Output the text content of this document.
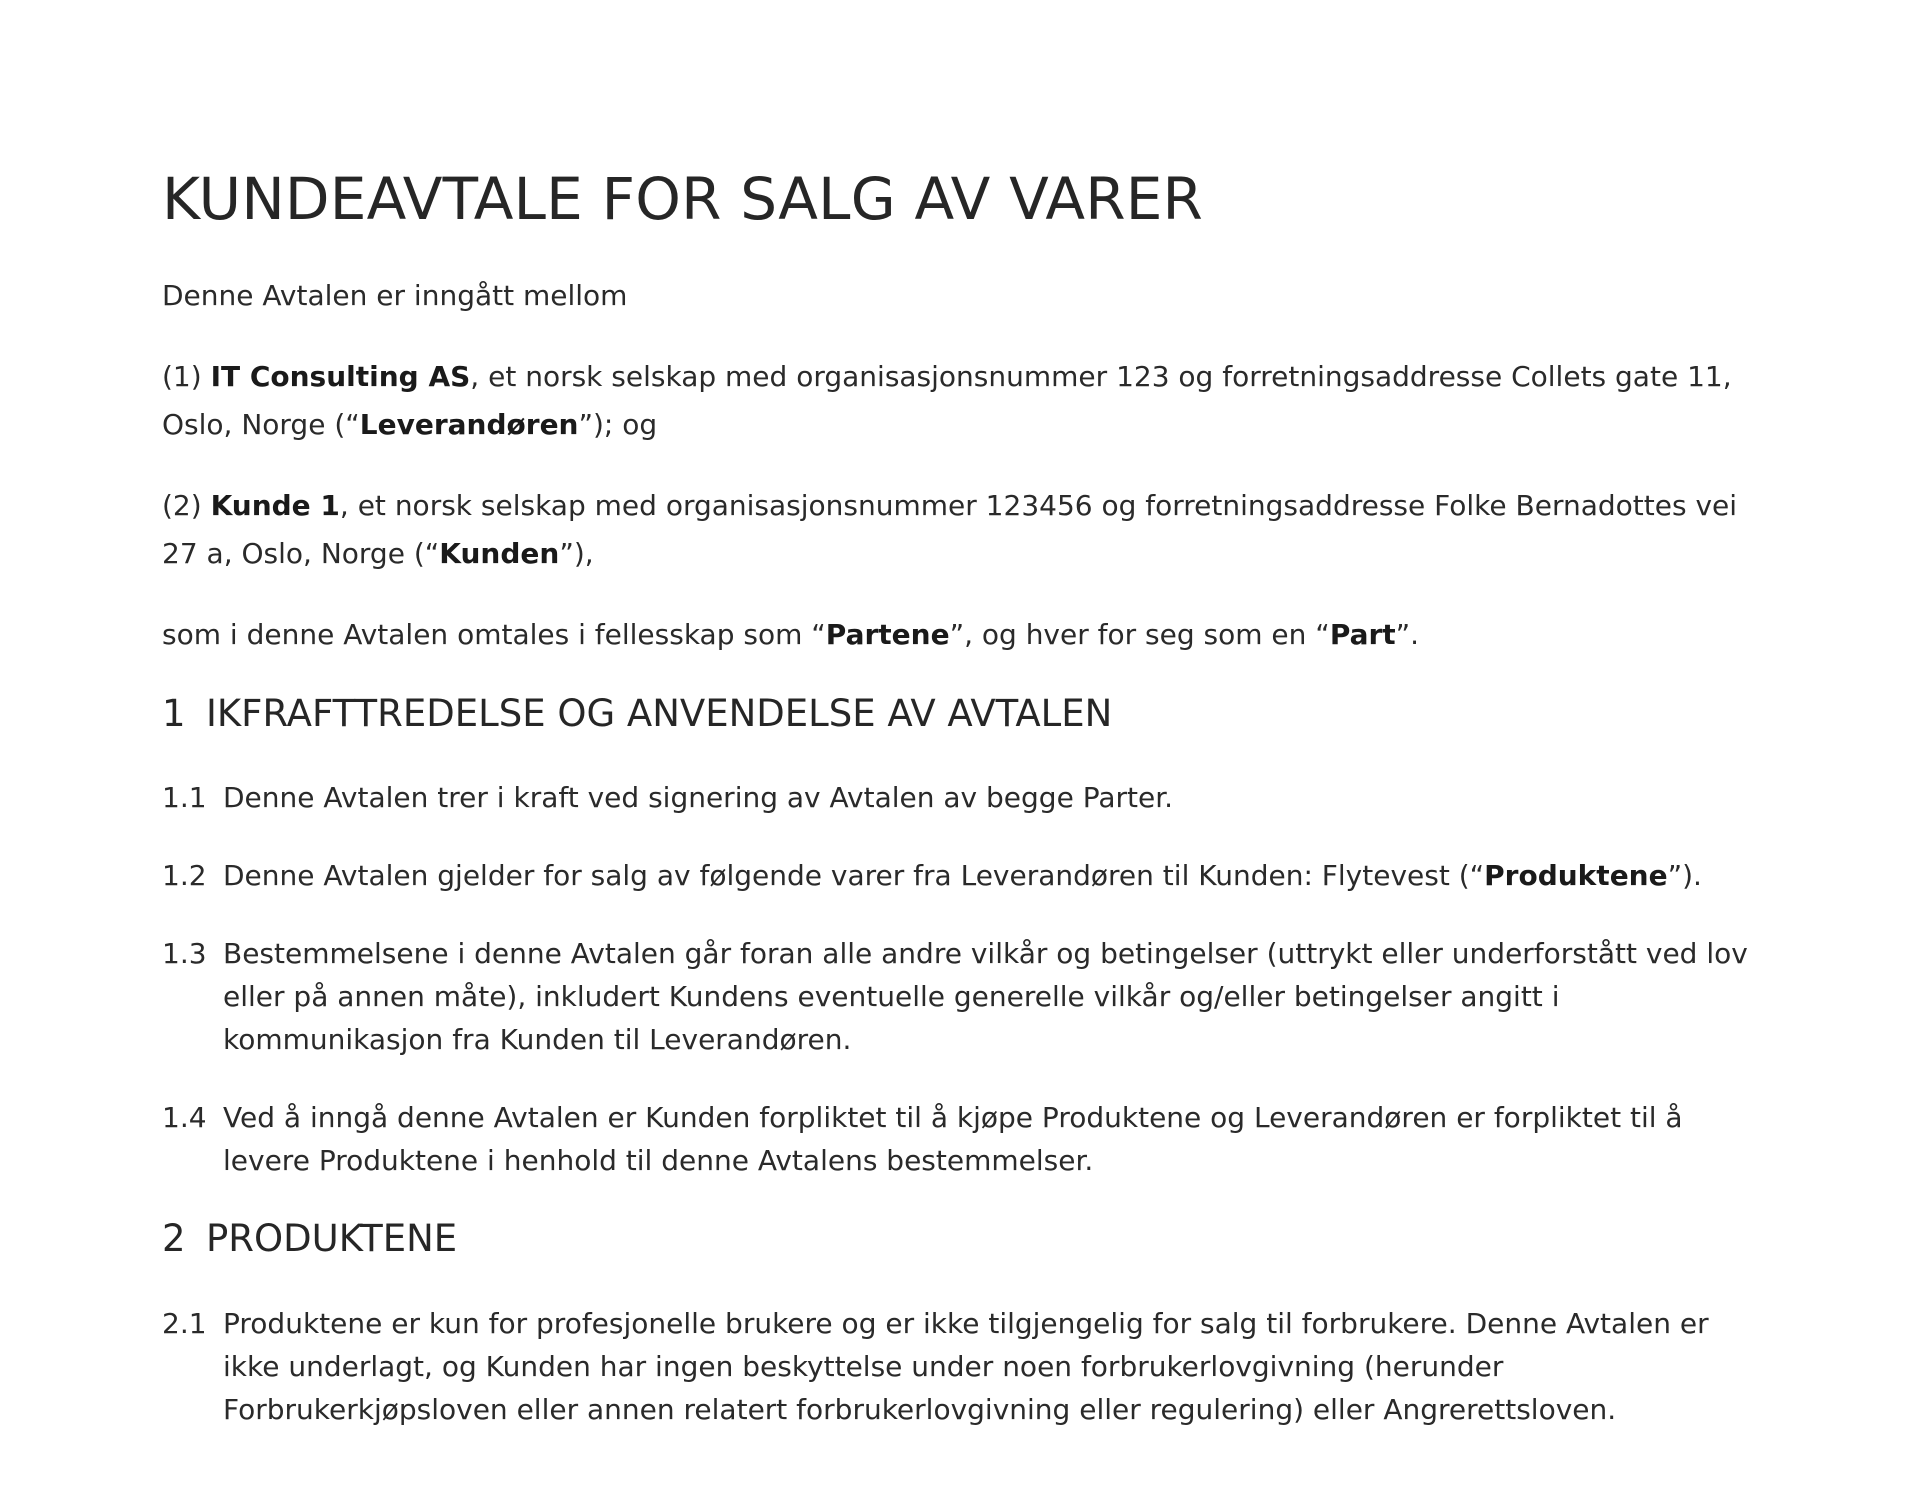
KUNDEAVTALE FOR SALG AV VARER

Denne Avtalen er inngått mellom

(1) IT Consulting AS, et norsk selskap med organisasjonsnummer 123 og forretningsaddresse Collets gate 11, Oslo, Norge (“Leverandøren”); og

(2) Kunde 1, et norsk selskap med organisasjonsnummer 123456 og forretningsaddresse Folke Bernadottes vei 27 a, Oslo, Norge (“Kunden”),

som i denne Avtalen omtales i fellesskap som “Partene”, og hver for seg som en “Part”.

1 IKFRAFTTREDELSE OG ANVENDELSE AV AVTALEN
1.1 Denne Avtalen trer i kraft ved signering av Avtalen av begge Parter.
1.2 Denne Avtalen gjelder for salg av følgende varer fra Leverandøren til Kunden: Flytevest (“Produktene”).
1.3 Bestemmelsene i denne Avtalen går foran alle andre vilkår og betingelser (uttrykt eller underforstått ved lov eller på annen måte), inkludert Kundens eventuelle generelle vilkår og/eller betingelser angitt i kommunikasjon fra Kunden til Leverandøren.
1.4 Ved å inngå denne Avtalen er Kunden forpliktet til å kjøpe Produktene og Leverandøren er forpliktet til å levere Produktene i henhold til denne Avtalens bestemmelser.
2 PRODUKTENE
2.1 Produktene er kun for profesjonelle brukere og er ikke tilgjengelig for salg til forbrukere. Denne Avtalen er ikke underlagt, og Kunden har ingen beskyttelse under noen forbrukerlovgivning (herunder Forbrukerkjøpsloven eller annen relatert forbrukerlovgivning eller regulering) eller Angrerettsloven.
